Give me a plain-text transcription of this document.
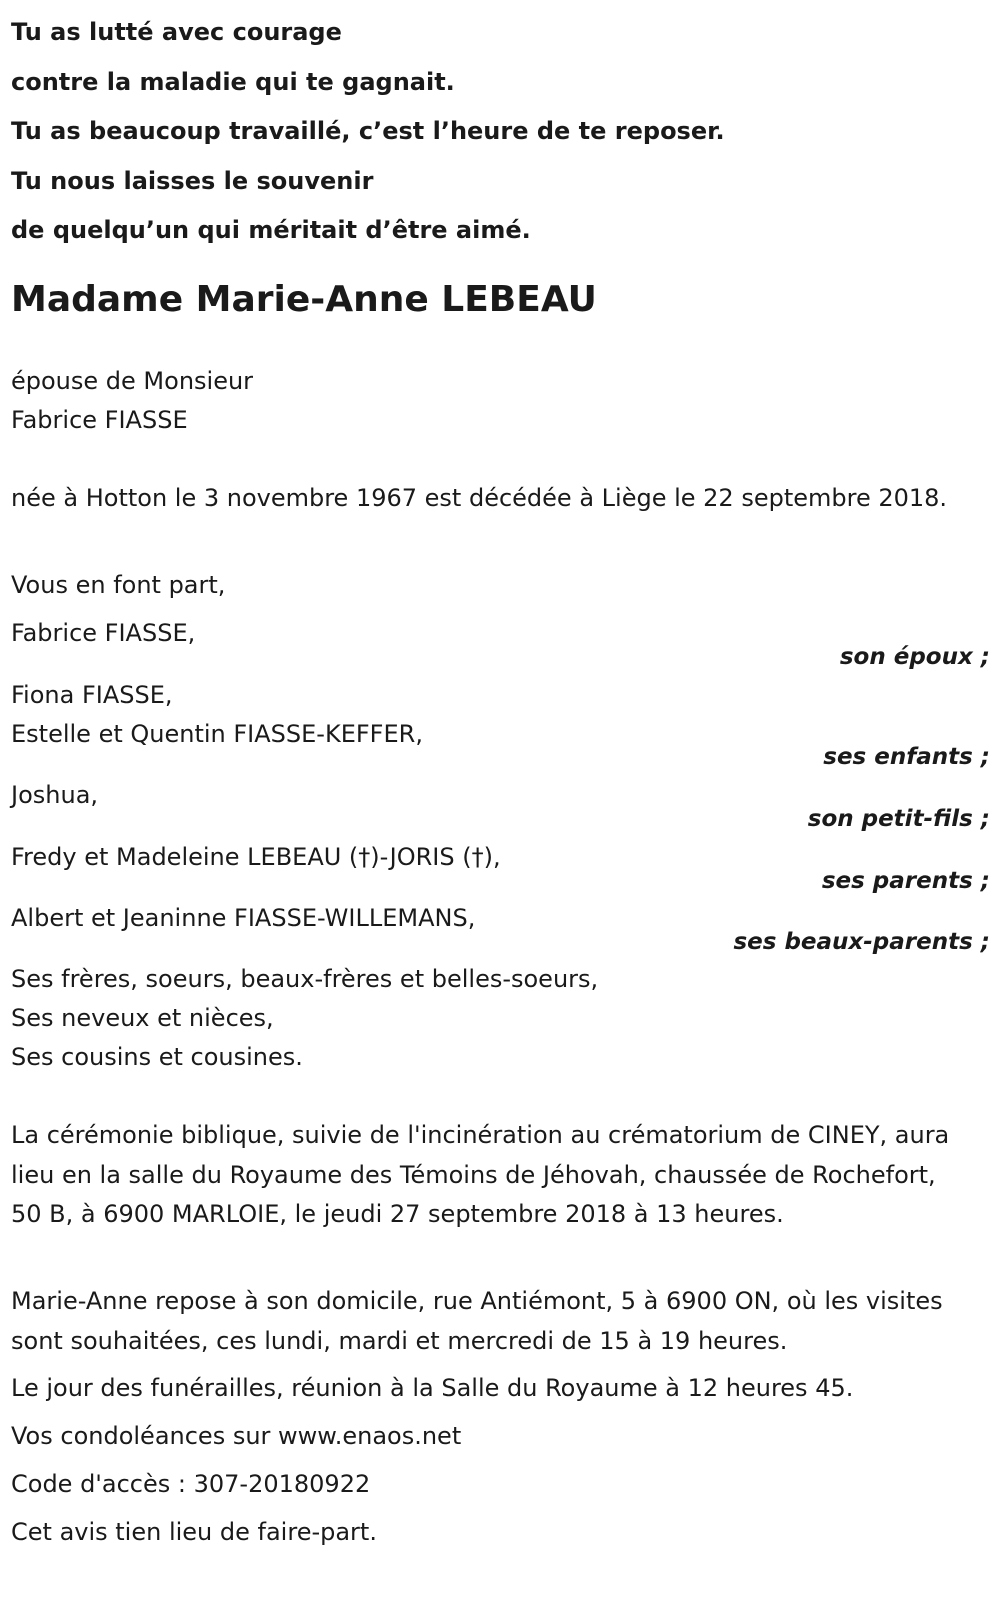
Tu as lutté avec courage
contre la maladie qui te gagnait.
Tu as beaucoup travaillé, c’est l’heure de te reposer.
Tu nous laisses le souvenir
de quelqu’un qui méritait d’être aimé.
Madame Marie-Anne LEBEAU
épouse de Monsieur
Fabrice FIASSE
née à Hotton le 3 novembre 1967 est décédée à Liège le 22 septembre 2018.
Vous en font part,
Fabrice FIASSE,
son époux ;
Fiona FIASSE,
Estelle et Quentin FIASSE-KEFFER,
ses enfants ;
Joshua,
son petit-fils ;
Fredy et Madeleine LEBEAU (†)-JORIS (†),
ses parents ;
Albert et Jeaninne FIASSE-WILLEMANS,
ses beaux-parents ;
Ses frères, soeurs, beaux-frères et belles-soeurs,
Ses neveux et nièces,
Ses cousins et cousines.
La cérémonie biblique, suivie de l'incinération au crématorium de CINEY, aura lieu en la salle du Royaume des Témoins de Jéhovah, chaussée de Rochefort, 50 B, à 6900 MARLOIE, le jeudi 27 septembre 2018 à 13 heures.
Marie-Anne repose à son domicile, rue Antiémont, 5 à 6900 ON, où les visites sont souhaitées, ces lundi, mardi et mercredi de 15 à 19 heures.
Le jour des funérailles, réunion à la Salle du Royaume à 12 heures 45.
Vos condoléances sur www.enaos.net
Code d'accès : 307-20180922
Cet avis tien lieu de faire-part.
